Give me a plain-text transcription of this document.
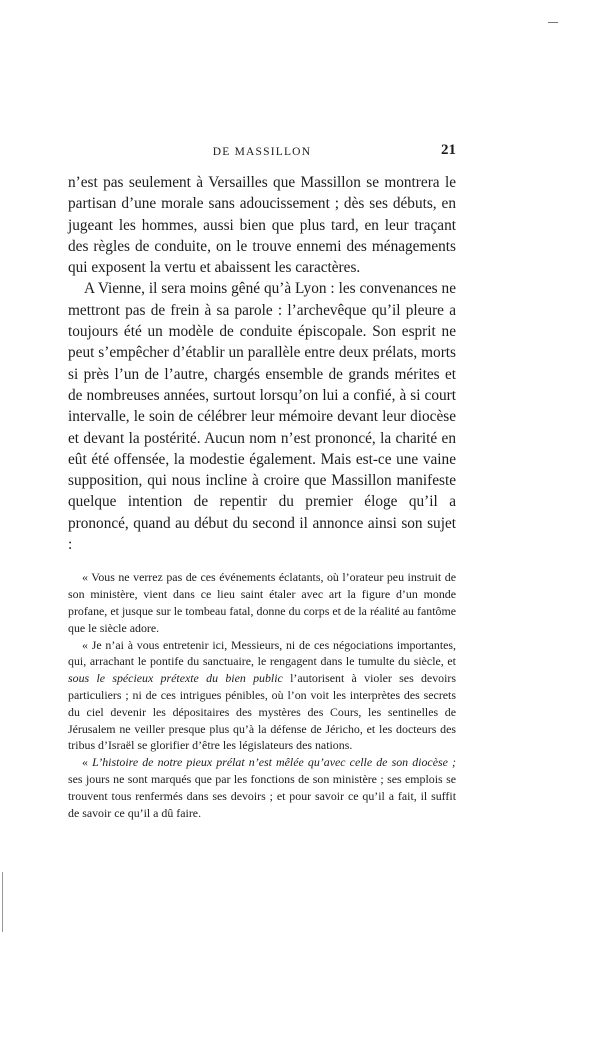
DE MASSILLON	21

n’est pas seulement à Versailles que Massillon se montrera le partisan d’une morale sans adoucissement ; dès ses débuts, en jugeant les hommes, aussi bien que plus tard, en leur traçant des règles de conduite, on le trouve ennemi des ménagements qui exposent la vertu et abaissent les caractères.

A Vienne, il sera moins gêné qu’à Lyon : les convenances ne mettront pas de frein à sa parole : l’archevêque qu’il pleure a toujours été un modèle de conduite épiscopale. Son esprit ne peut s’empêcher d’établir un parallèle entre deux prélats, morts si près l’un de l’autre, chargés ensemble de grands mérites et de nombreuses années, surtout lorsqu’on lui a confié, à si court intervalle, le soin de célébrer leur mémoire devant leur diocèse et devant la postérité. Aucun nom n’est prononcé, la charité en eût été offensée, la modestie également. Mais est-ce une vaine supposition, qui nous incline à croire que Massillon manifeste quelque intention de repentir du premier éloge qu’il a prononcé, quand au début du second il annonce ainsi son sujet :

« Vous ne verrez pas de ces événements éclatants, où l’orateur peu instruit de son ministère, vient dans ce lieu saint étaler avec art la figure d’un monde profane, et jusque sur le tombeau fatal, donne du corps et de la réalité au fantôme que le siècle adore.

« Je n’ai à vous entretenir ici, Messieurs, ni de ces négociations importantes, qui, arrachant le pontife du sanctuaire, le rengagent dans le tumulte du siècle, et sous le spécieux prétexte du bien public l’autorisent à violer ses devoirs particuliers ; ni de ces intrigues pénibles, où l’on voit les interprètes des secrets du ciel devenir les dépositaires des mystères des Cours, les sentinelles de Jérusalem ne veiller presque plus qu’à la défense de Jéricho, et les docteurs des tribus d’Israël se glorifier d’être les législateurs des nations.

« L’histoire de notre pieux prélat n’est mêlée qu’avec celle de son diocèse ; ses jours ne sont marqués que par les fonctions de son ministère ; ses emplois se trouvent tous renfermés dans ses devoirs ; et pour savoir ce qu’il a fait, il suffit de savoir ce qu’il a dû faire.
